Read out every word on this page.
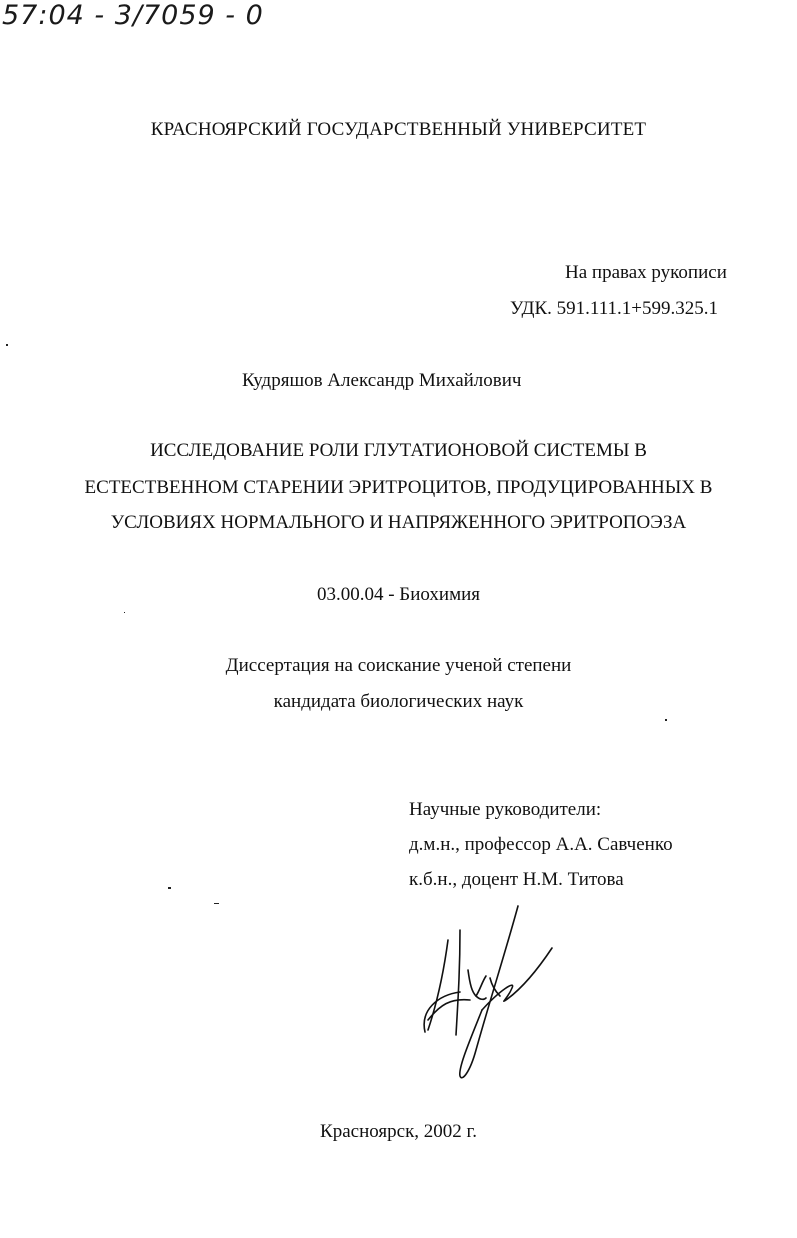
57:04 - 3/7059 - 0
КРАСНОЯРСКИЙ ГОСУДАРСТВЕННЫЙ УНИВЕРСИТЕТ
На правах рукописи
УДК. 591.111.1+599.325.1
Кудряшов Александр Михайлович
ИССЛЕДОВАНИЕ РОЛИ ГЛУТАТИОНОВОЙ СИСТЕМЫ В
ЕСТЕСТВЕННОМ СТАРЕНИИ ЭРИТРОЦИТОВ, ПРОДУЦИРОВАННЫХ В
УСЛОВИЯХ НОРМАЛЬНОГО И НАПРЯЖЕННОГО ЭРИТРОПОЭЗА
03.00.04 - Биохимия
Диссертация на соискание ученой степени
кандидата биологических наук
Научные руководители:
д.м.н., профессор А.А. Савченко
к.б.н., доцент Н.М. Титова
Красноярск, 2002 г.
